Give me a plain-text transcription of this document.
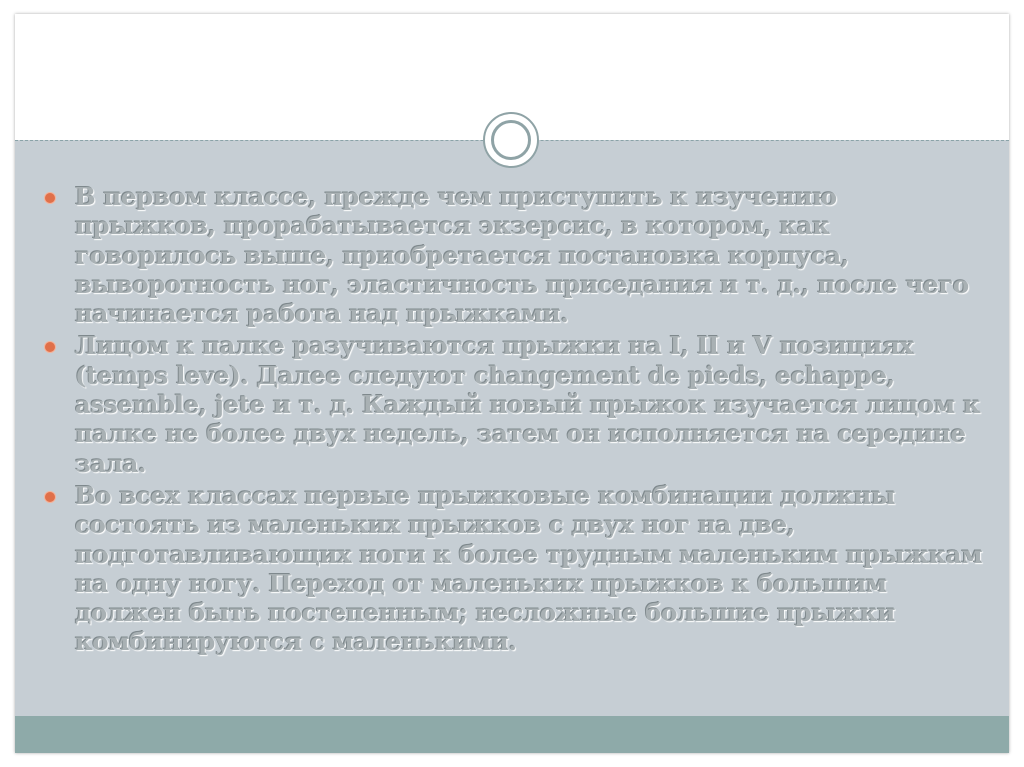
В первом классе, прежде чем приступить к изучению прыжков, прорабатывается экзерсис, в котором, как говорилось выше, приобретается постановка корпуса, выворотность ног, эластичность приседания и т. д., после чего начинается работа над прыжками.
Лицом к палке разучиваются прыжки на I, II и V позициях (temps leve). Далее следуют changement de pieds, echappe, assemble, jete и т. д. Каждый новый прыжок изучается лицом к палке не более двух недель, затем он исполняется на середине зала.
Во всех классах первые прыжковые комбинации должны состоять из маленьких прыжков с двух ног на две, подготавливающих ноги к более трудным маленьким прыжкам на одну ногу. Переход от маленьких прыжков к большим должен быть постепенным; несложные большие прыжки комбинируются с маленькими.
